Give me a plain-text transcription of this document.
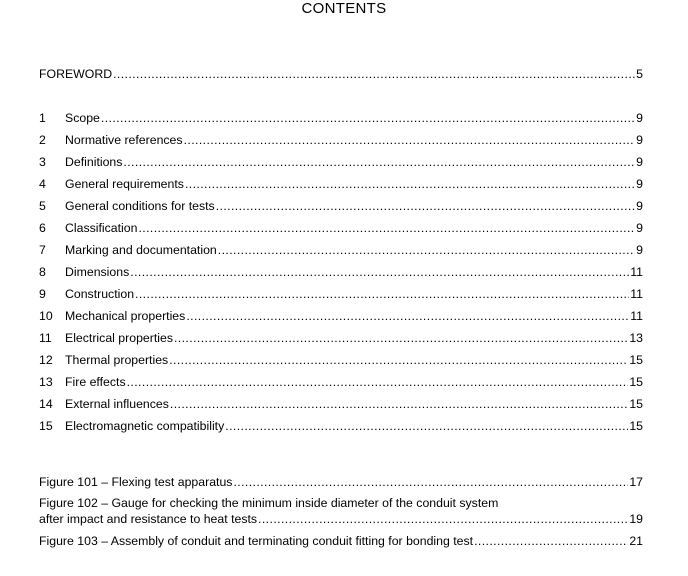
CONTENTS
FOREWORD .....	5
1	Scope .....	9
2	Normative references .....	9
3	Definitions .....	9
4	General requirements .....	9
5	General conditions for tests .....	9
6	Classification .....	9
7	Marking and documentation .....	9
8	Dimensions .....	11
9	Construction .....	11
10	Mechanical properties .....	11
11	Electrical properties .....	13
12	Thermal properties .....	15
13	Fire effects .....	15
14	External influences .....	15
15	Electromagnetic compatibility .....	15
Figure 101 – Flexing test apparatus .....	17
Figure 102 – Gauge for checking the minimum inside diameter of the conduit system
after impact and resistance to heat tests .....	19
Figure 103 – Assembly of conduit and terminating conduit fitting for bonding test .....	21
